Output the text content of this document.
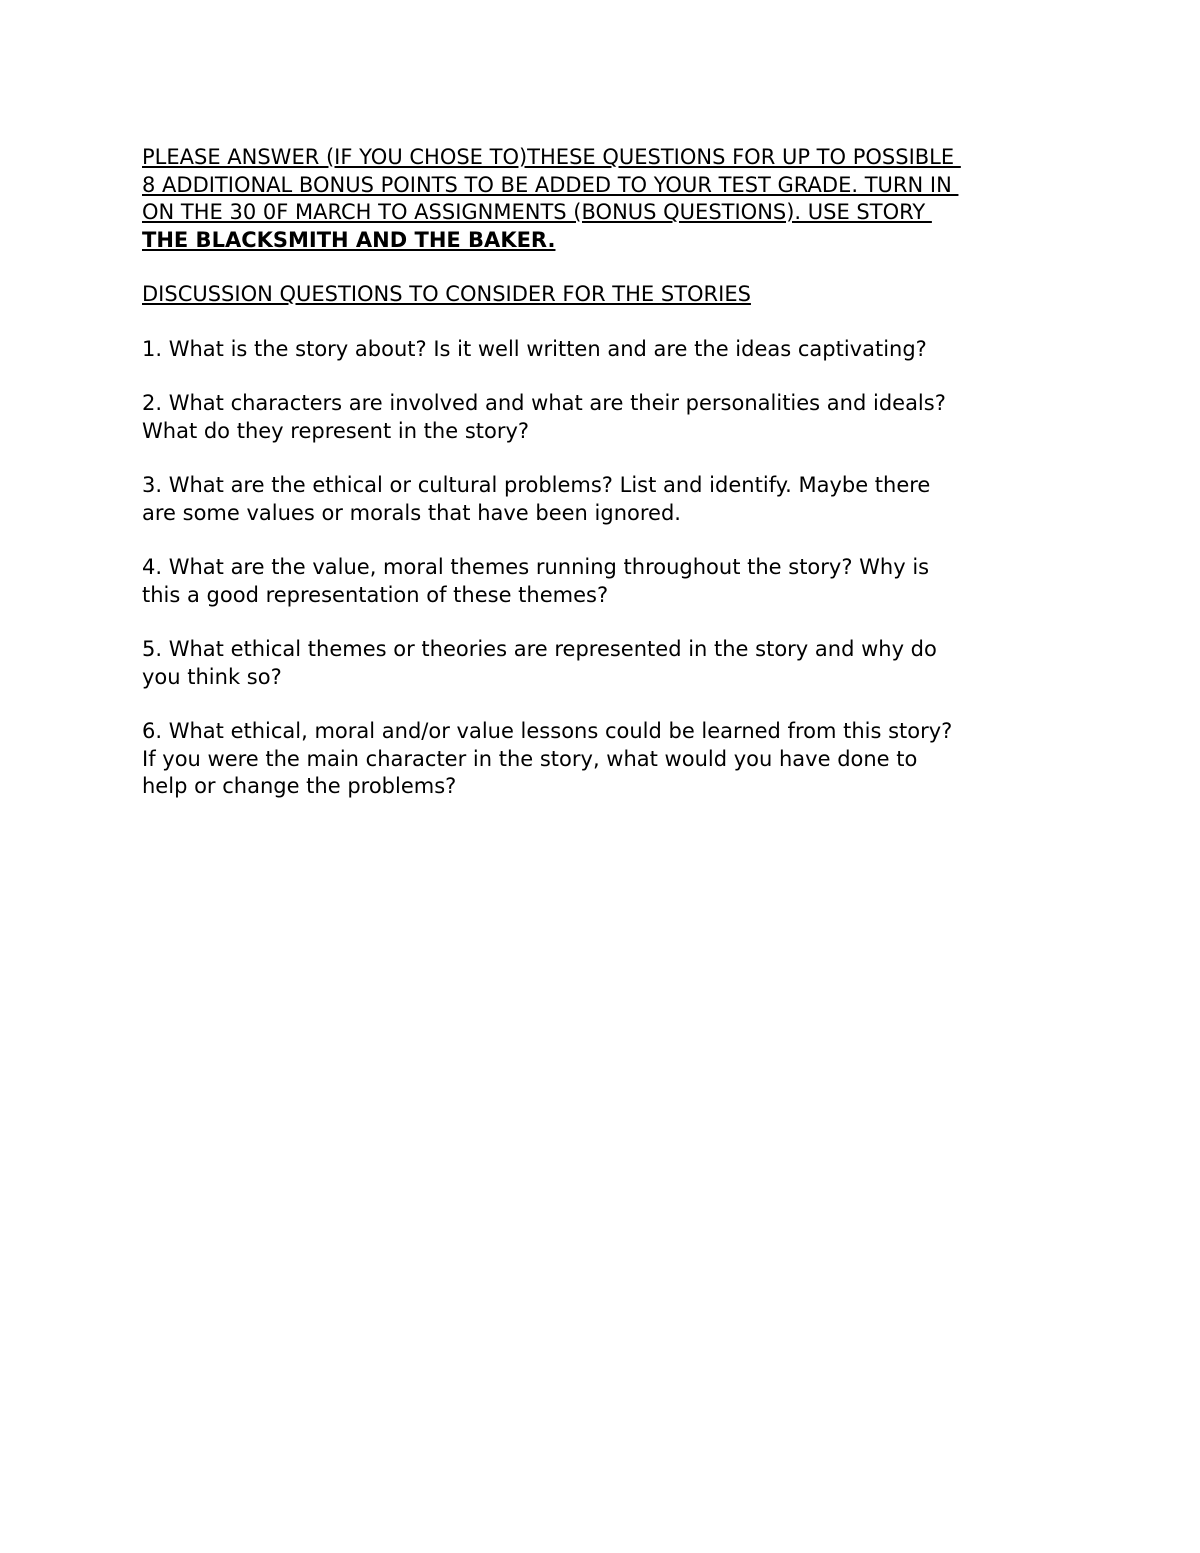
PLEASE ANSWER (IF YOU CHOSE TO)THESE QUESTIONS FOR UP TO POSSIBLE
8 ADDITIONAL BONUS POINTS TO BE ADDED TO YOUR TEST GRADE. TURN IN
ON THE 30 0F MARCH TO ASSIGNMENTS (BONUS QUESTIONS). USE STORY
THE BLACKSMITH AND THE BAKER.
DISCUSSION QUESTIONS TO CONSIDER FOR THE STORIES
1. What is the story about? Is it well written and are the ideas captivating?
2. What characters are involved and what are their personalities and ideals?
What do they represent in the story?
3. What are the ethical or cultural problems? List and identify. Maybe there
are some values or morals that have been ignored.
4. What are the value, moral themes running throughout the story? Why is
this a good representation of these themes?
5. What ethical themes or theories are represented in the story and why do
you think so?
6. What ethical, moral and/or value lessons could be learned from this story?
If you were the main character in the story, what would you have done to
help or change the problems?
